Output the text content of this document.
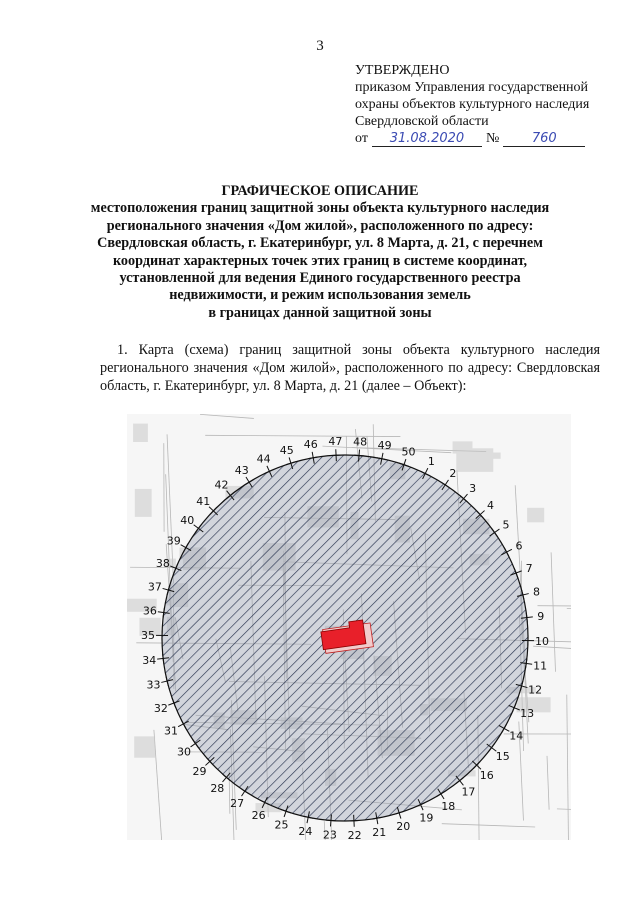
3
УТВЕРЖДЕНО
приказом Управления государственной
охраны объектов культурного наследия
Свердловской области
от	31.08.2020	№	760
ГРАФИЧЕСКОЕ ОПИСАНИЕ
местоположения границ защитной зоны объекта культурного наследия
регионального значения «Дом жилой», расположенного по адресу:
Свердловская область, г. Екатеринбург, ул. 8 Марта, д. 21, с перечнем
координат характерных точек этих границ в системе координат,
установленной для ведения Единого государственного реестра
недвижимости, и режим использования земель
в границах данной защитной зоны
1. Карта (схема) границ защитной зоны объекта культурного наследия регионального значения «Дом жилой», расположенного по адресу: Свердловская область, г. Екатеринбург, ул. 8 Марта, д. 21 (далее – Объект):
1
2
3
4
5
6
7
8
9
10
11
12
13
14
15
16
17
18
19
20
21
22
23
24
25
26
27
28
29
30
31
32
33
34
35
36
37
38
39
40
41
42
43
44
45 46 47 48 49 50
